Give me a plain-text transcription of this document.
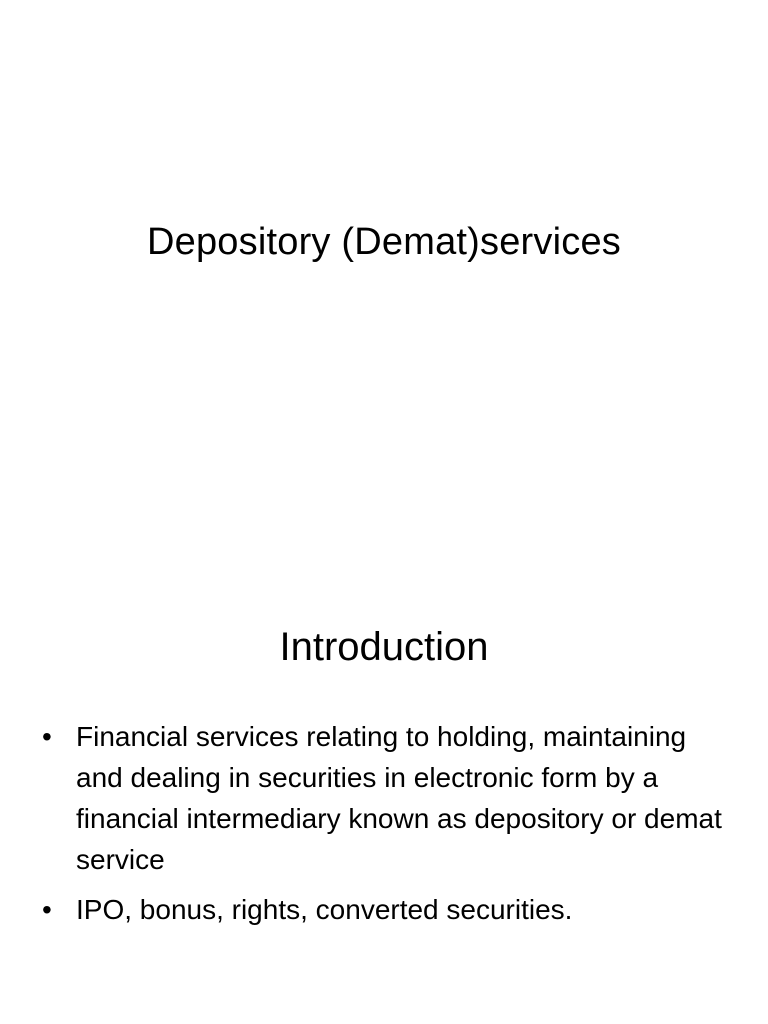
Depository (Demat)services
Introduction
• Financial services relating to holding, maintaining and dealing in securities in electronic form by a financial intermediary known as depository or demat service
• IPO, bonus, rights, converted securities.
